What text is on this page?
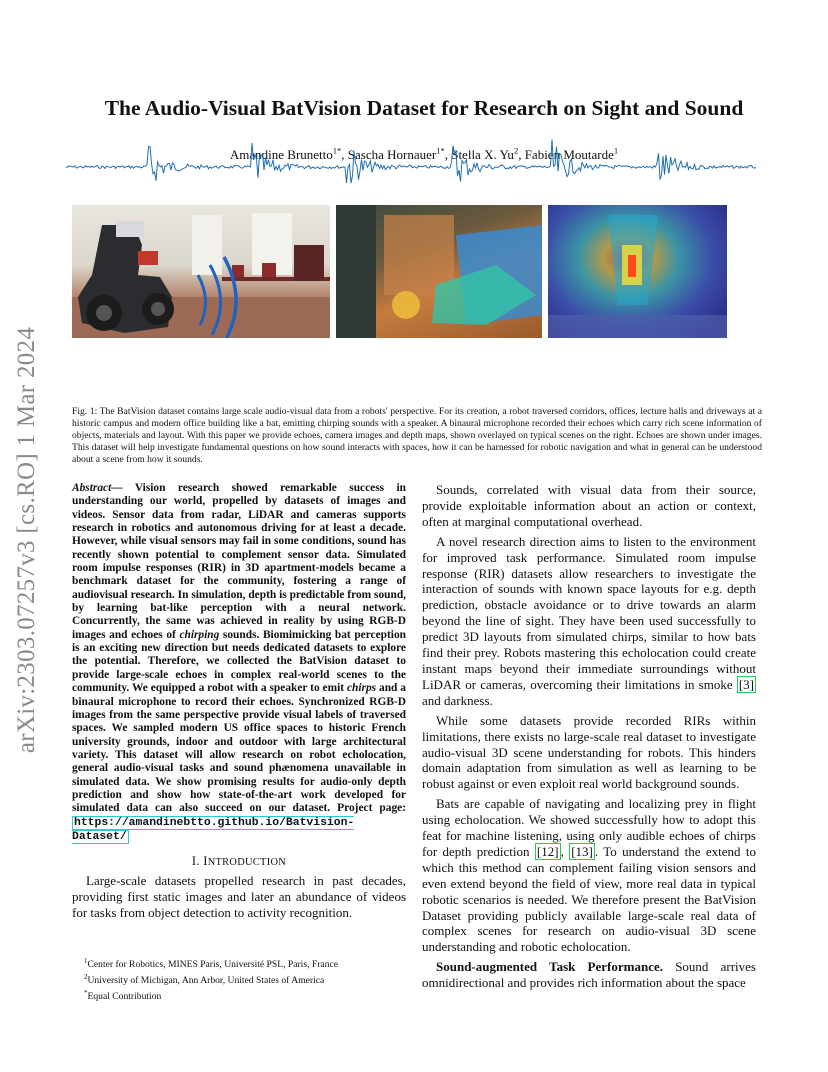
arXiv:2303.07257v3 [cs.RO] 1 Mar 2024
The Audio-Visual BatVision Dataset for Research on Sight and Sound
Amandine Brunetto$^{1*}$, Sascha Hornauer$^{1*}$, Stella X. Yu$^2$, Fabien Moutarde$^1$
Fig. 1: The BatVision dataset contains large scale audio-visual data from a robots' perspective. For its creation, a robot traversed corridors, offices, lecture halls and driveways at a historic campus and modern office building like a bat, emitting chirping sounds with a speaker. A binaural microphone recorded their echoes which carry rich scene information of objects, materials and layout. With this paper we provide echoes, camera images and depth maps, shown overlayed on typical scenes on the right. Echoes are shown under images. This dataset will help investigate fundamental questions on how sound interacts with spaces, how it can be harnessed for robotic navigation and what in general can be understood about a scene from how it sounds.

Abstract— Vision research showed remarkable success in understanding our world, propelled by datasets of images and videos. Sensor data from radar, LiDAR and cameras supports research in robotics and autonomous driving for at least a decade. However, while visual sensors may fail in some conditions, sound has recently shown potential to complement sensor data. Simulated room impulse responses (RIR) in 3D apartment-models became a benchmark dataset for the community, fostering a range of audiovisual research. In simulation, depth is predictable from sound, by learning bat-like perception with a neural network. Concurrently, the same was achieved in reality by using RGB-D images and echoes of chirping sounds. Biomimicking bat perception is an exciting new direction but needs dedicated datasets to explore the potential. Therefore, we collected the BatVision dataset to provide large-scale echoes in complex real-world scenes to the community. We equipped a robot with a speaker to emit chirps and a binaural microphone to record their echoes. Synchronized RGB-D images from the same perspective provide visual labels of traversed spaces. We sampled modern US office spaces to historic French university grounds, indoor and outdoor with large architectural variety. This dataset will allow research on robot echolocation, general audio-visual tasks and sound phænomena unavailable in simulated data. We show promising results for audio-only depth prediction and show how state-of-the-art work developed for simulated data can also succeed on our dataset. Project page: https://amandinebtto.github.io/Batvision-Dataset/

I. INTRODUCTION

Large-scale datasets propelled research in past decades, providing first static images and later an abundance of videos for tasks from object detection to activity recognition.

$^1$Center for Robotics, MINES Paris, Université PSL, Paris, France
$^2$University of Michigan, Ann Arbor, United States of America
*Equal Contribution

Sounds, correlated with visual data from their source, provide exploitable information about an action or context, often at marginal computational overhead.

A novel research direction aims to listen to the environment for improved task performance. Simulated room impulse response (RIR) datasets allow researchers to investigate the interaction of sounds with known space layouts for e.g. depth prediction, obstacle avoidance or to drive towards an alarm beyond the line of sight. They have been used successfully to predict 3D layouts from simulated chirps, similar to how bats find their prey. Robots mastering this echolocation could create instant maps beyond their immediate surroundings without LiDAR or cameras, overcoming their limitations in smoke [3] and darkness.

While some datasets provide recorded RIRs within limitations, there exists no large-scale real dataset to investigate audio-visual 3D scene understanding for robots. This hinders domain adaptation from simulation as well as learning to be robust against or even exploit real world background sounds.

Bats are capable of navigating and localizing prey in flight using echolocation. We showed successfully how to adopt this feat for machine listening, using only audible echoes of chirps for depth prediction [12] , [13] . To understand the extend to which this method can complement failing vision sensors and even extend beyond the field of view, more real data in typical robotic scenarios is needed. We therefore present the BatVision Dataset providing publicly available large-scale real data of complex scenes for research on audio-visual 3D scene understanding and robotic echolocation.

Sound-augmented Task Performance. Sound arrives omnidirectional and provides rich information about the space
